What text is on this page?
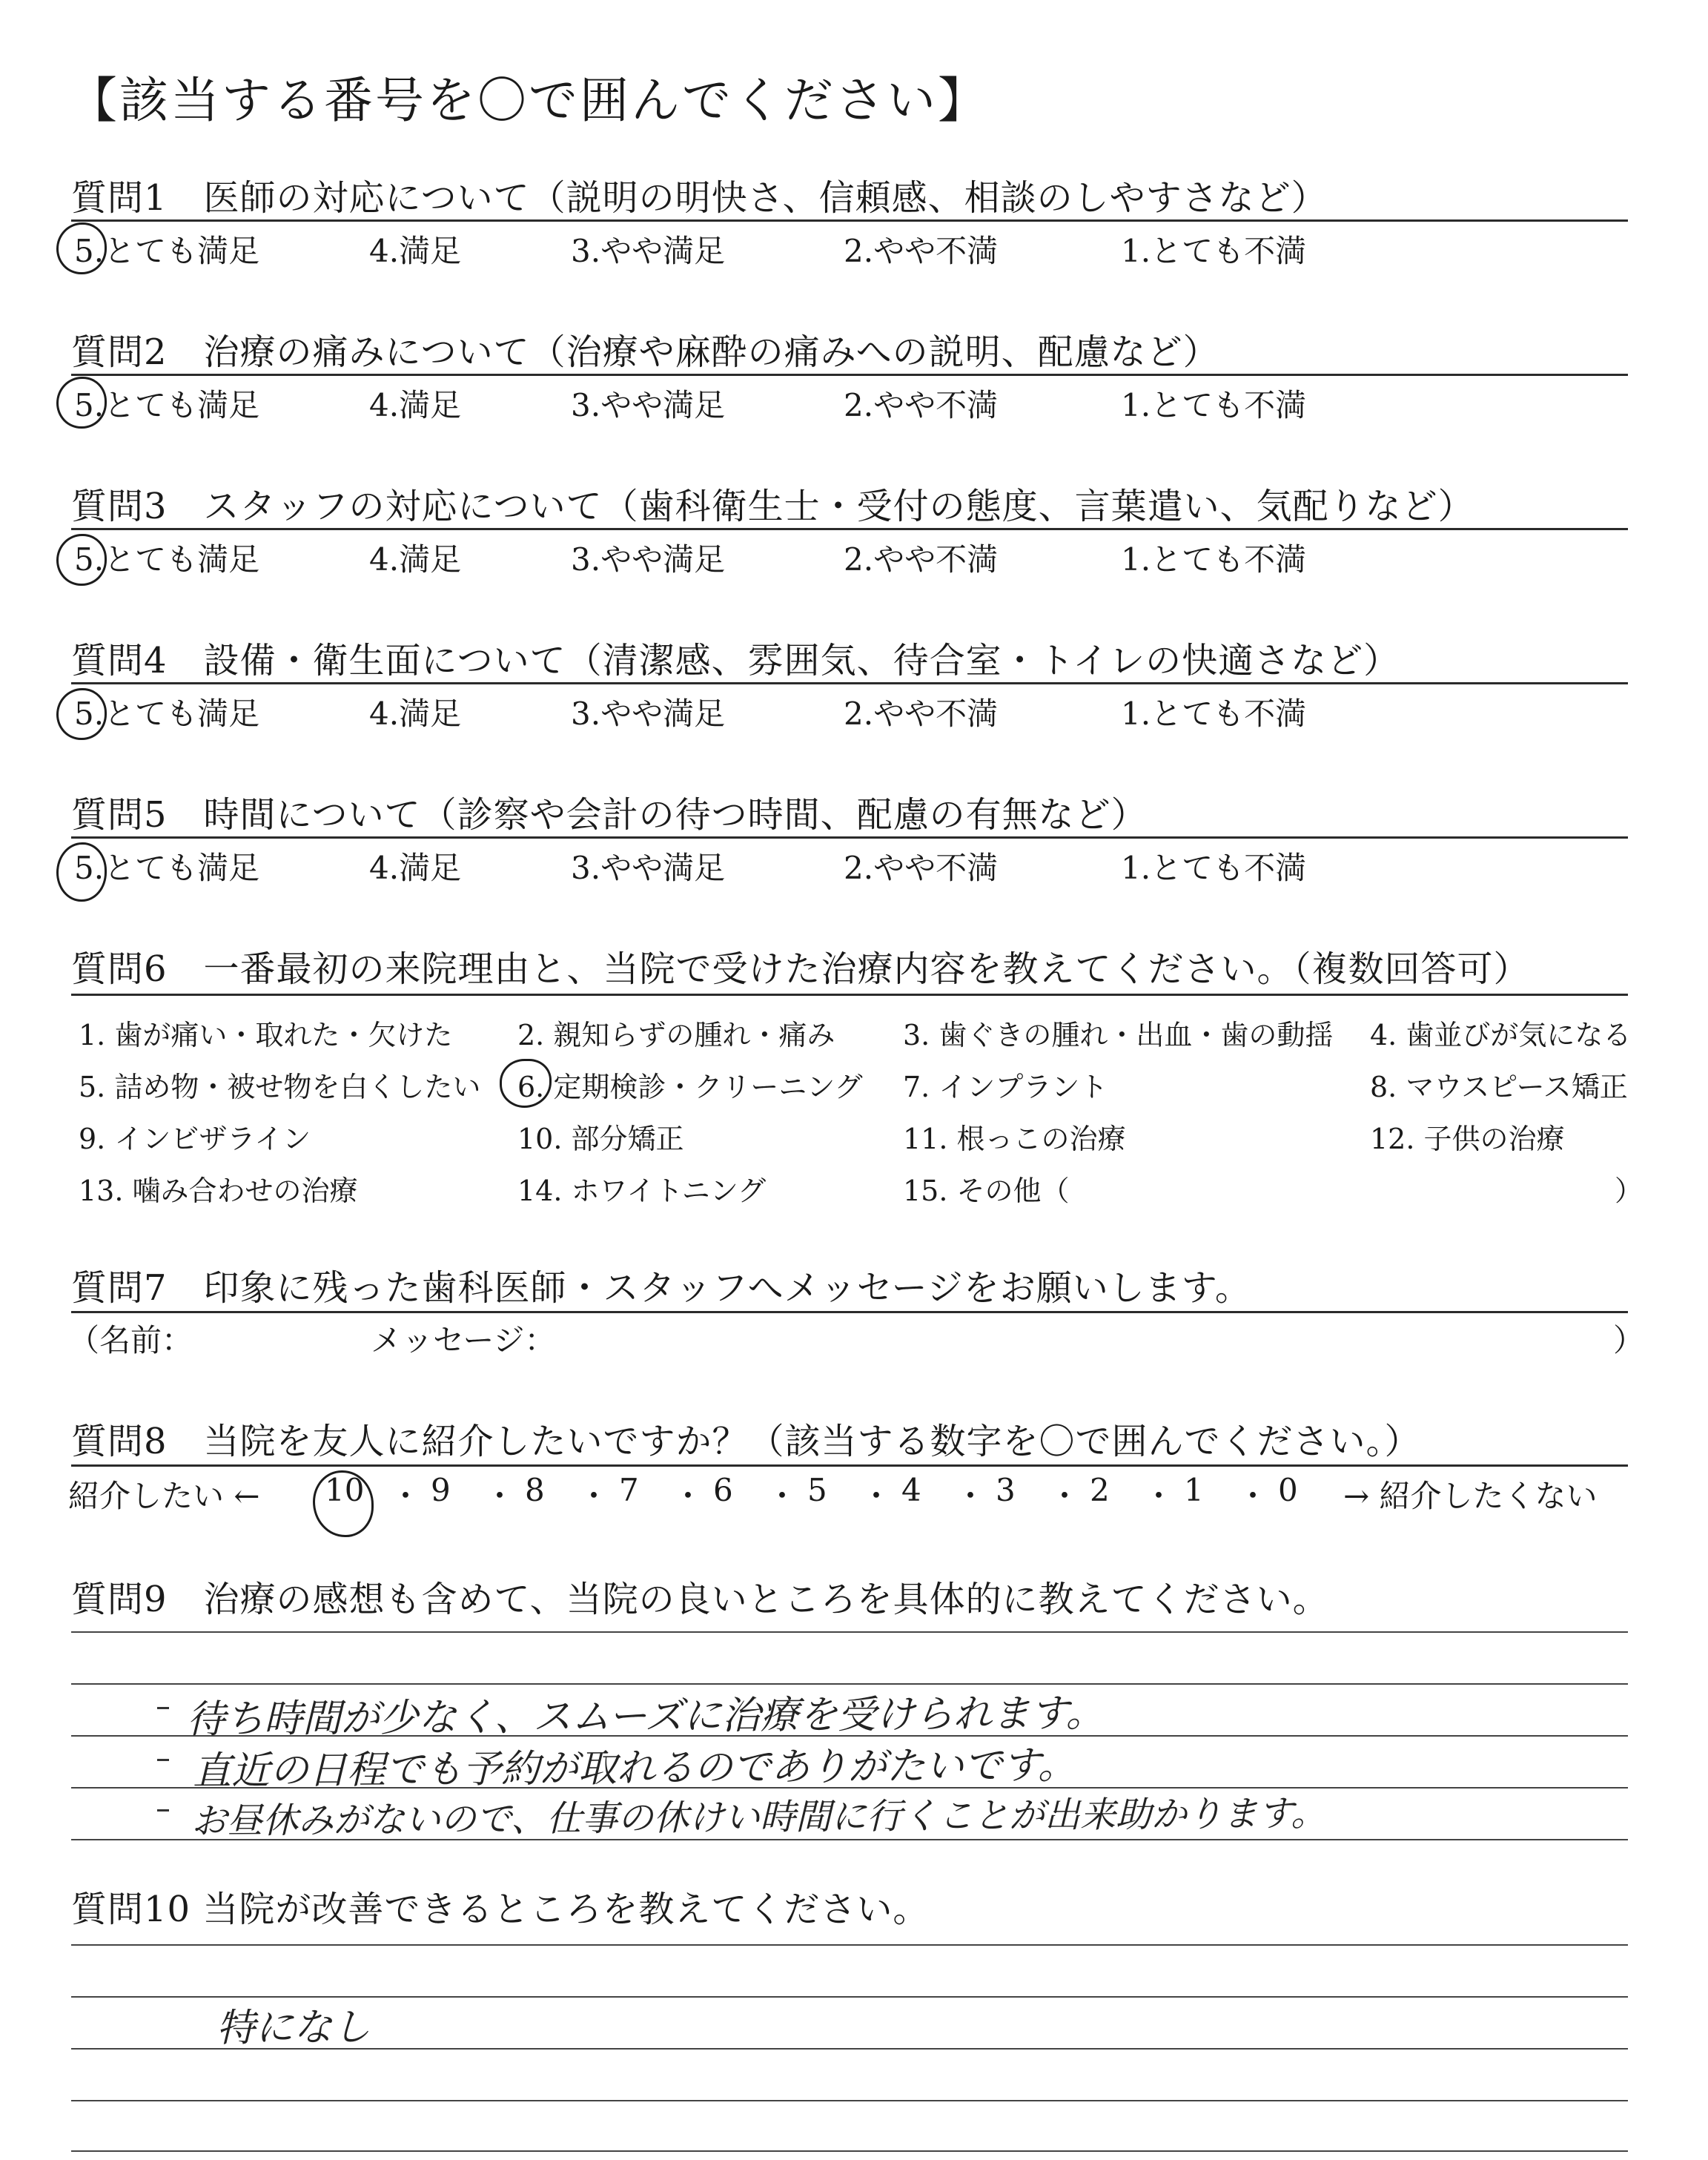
【該当する番号を〇で囲んでください】
質問1　医師の対応について（説明の明快さ、信頼感、相談のしやすさなど）
5.とても満足	4.満足	3.やや満足	2.やや不満	1.とても不満
質問2　治療の痛みについて（治療や麻酔の痛みへの説明、配慮など）
5.とても満足	4.満足	3.やや満足	2.やや不満	1.とても不満
質問3　スタッフの対応について（歯科衛生士・受付の態度、言葉遣い、気配りなど）
5.とても満足	4.満足	3.やや満足	2.やや不満	1.とても不満
質問4　設備・衛生面について（清潔感、雰囲気、待合室・トイレの快適さなど）
5.とても満足	4.満足	3.やや満足	2.やや不満	1.とても不満
質問5　時間について（診察や会計の待つ時間、配慮の有無など）
5.とても満足	4.満足	3.やや満足	2.やや不満	1.とても不満
質問6　一番最初の来院理由と、当院で受けた治療内容を教えてください。（複数回答可）
1. 歯が痛い・取れた・欠けた 2. 親知らずの腫れ・痛み 3. 歯ぐきの腫れ・出血・歯の動揺 4. 歯並びが気になる
5. 詰め物・被せ物を白くしたい 6. 定期検診・クリーニング 7. インプラント	8. マウスピース矯正
9. インビザライン	10. 部分矯正	11. 根っこの治療	12. 子供の治療
13. 噛み合わせの治療	14. ホワイトニング	15. その他（	）
質問7　印象に残った歯科医師・スタッフへメッセージをお願いします。
（名前：	メッセージ：	）
質問8　当院を友人に紹介したいですか？（該当する数字を〇で囲んでください。）
紹介したい ← 10 ・ 9 ・ 8 ・ 7 ・ 6 ・ 5 ・ 4 ・ 3 ・ 2 ・ 1 ・ 0 → 紹介したくない
質問9　治療の感想も含めて、当院の良いところを具体的に教えてください。
待ち時間が少なく、スムーズに治療を受けられます。
直近の日程でも予約が取れるのでありがたいです。
お昼休みがないので、仕事の休けい時間に行くことが出来助かります。
質問10 当院が改善できるところを教えてください。
特になし
